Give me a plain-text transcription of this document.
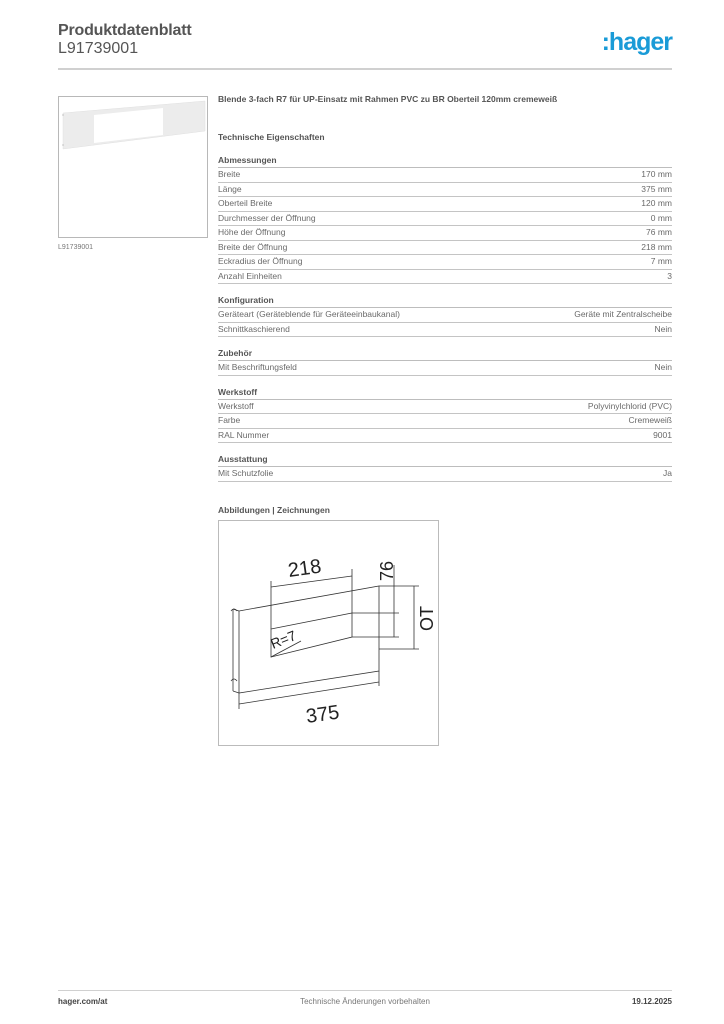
Produktdatenblatt
L91739001	:hager
L91739001
Blende 3-fach R7 für UP-Einsatz mit Rahmen PVC zu BR Oberteil 120mm cremeweiß
Technische Eigenschaften
Abmessungen
Breite	170 mm
Länge	375 mm
Oberteil Breite	120 mm
Durchmesser der Öffnung	0 mm
Höhe der Öffnung	76 mm
Breite der Öffnung	218 mm
Eckradius der Öffnung	7 mm
Anzahl Einheiten	3
Konfiguration
Geräteart (Geräteblende für Geräteeinbaukanal)	Geräte mit Zentralscheibe
Schnittkaschierend	Nein
Zubehör
Mit Beschriftungsfeld	Nein
Werkstoff
Werkstoff	Polyvinylchlorid (PVC)
Farbe	Cremeweiß
RAL Nummer	9001
Ausstattung
Mit Schutzfolie	Ja
Abbildungen | Zeichnungen
218
375
76
OT
R=7
Technische Änderungen vorbehalten
hager.com/at	19.12.2025
